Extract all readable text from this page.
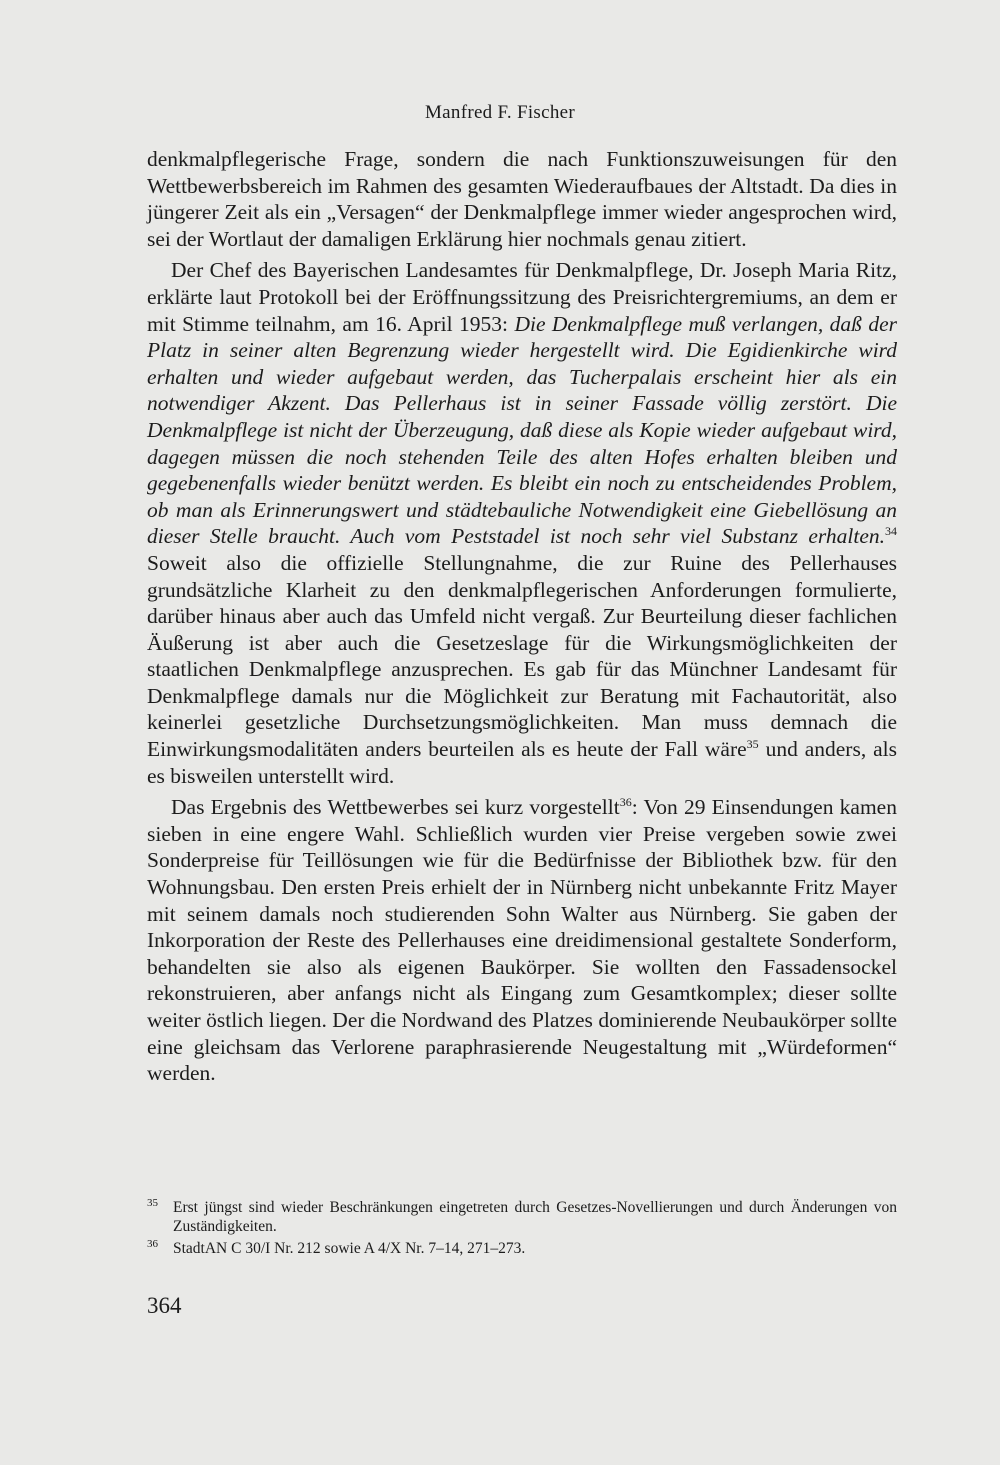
Manfred F. Fischer

denkmalpflegerische Frage, sondern die nach Funktionszuweisungen für den Wettbewerbsbereich im Rahmen des gesamten Wiederaufbaues der Altstadt. Da dies in jüngerer Zeit als ein „Versagen“ der Denkmalpflege immer wieder angesprochen wird, sei der Wortlaut der damaligen Erklärung hier nochmals genau zitiert.

Der Chef des Bayerischen Landesamtes für Denkmalpflege, Dr. Joseph Maria Ritz, erklärte laut Protokoll bei der Eröffnungssitzung des Preisrichtergremiums, an dem er mit Stimme teilnahm, am 16. April 1953: Die Denkmalpflege muß verlangen, daß der Platz in seiner alten Begrenzung wieder hergestellt wird. Die Egidienkirche wird erhalten und wieder aufgebaut werden, das Tucherpalais erscheint hier als ein notwendiger Akzent. Das Pellerhaus ist in seiner Fassade völlig zerstört. Die Denkmalpflege ist nicht der Überzeugung, daß diese als Kopie wieder aufgebaut wird, dagegen müssen die noch stehenden Teile des alten Hofes erhalten bleiben und gegebenenfalls wieder benützt werden. Es bleibt ein noch zu entscheidendes Problem, ob man als Erinnerungswert und städtebauliche Notwendigkeit eine Giebellösung an dieser Stelle braucht. Auch vom Peststadel ist noch sehr viel Substanz erhalten.$^{34}$ Soweit also die offizielle Stellungnahme, die zur Ruine des Pellerhauses grundsätzliche Klarheit zu den denkmalpflegerischen Anforderungen formulierte, darüber hinaus aber auch das Umfeld nicht vergaß. Zur Beurteilung dieser fachlichen Äußerung ist aber auch die Gesetzeslage für die Wirkungsmöglichkeiten der staatlichen Denkmalpflege anzusprechen. Es gab für das Münchner Landesamt für Denkmalpflege damals nur die Möglichkeit zur Beratung mit Fachautorität, also keinerlei gesetzliche Durchsetzungsmöglichkeiten. Man muss demnach die Einwirkungsmodalitäten anders beurteilen als es heute der Fall wäre$^{35}$ und anders, als es bisweilen unterstellt wird.

Das Ergebnis des Wettbewerbes sei kurz vorgestellt$^{36}$: Von 29 Einsendungen kamen sieben in eine engere Wahl. Schließlich wurden vier Preise vergeben sowie zwei Sonderpreise für Teillösungen wie für die Bedürfnisse der Bibliothek bzw. für den Wohnungsbau. Den ersten Preis erhielt der in Nürnberg nicht unbekannte Fritz Mayer mit seinem damals noch studierenden Sohn Walter aus Nürnberg. Sie gaben der Inkorporation der Reste des Pellerhauses eine dreidimensional gestaltete Sonderform, behandelten sie also als eigenen Baukörper. Sie wollten den Fassadensockel rekonstruieren, aber anfangs nicht als Eingang zum Gesamtkomplex; dieser sollte weiter östlich liegen. Der die Nordwand des Platzes dominierende Neubaukörper sollte eine gleichsam das Verlorene paraphrasierende Neugestaltung mit „Würdeformen“ werden.

35 Erst jüngst sind wieder Beschränkungen eingetreten durch Gesetzes-Novellierungen und durch Änderungen von Zuständigkeiten.
36 StadtAN C 30/I Nr. 212 sowie A 4/X Nr. 7–14, 271–273.
364
